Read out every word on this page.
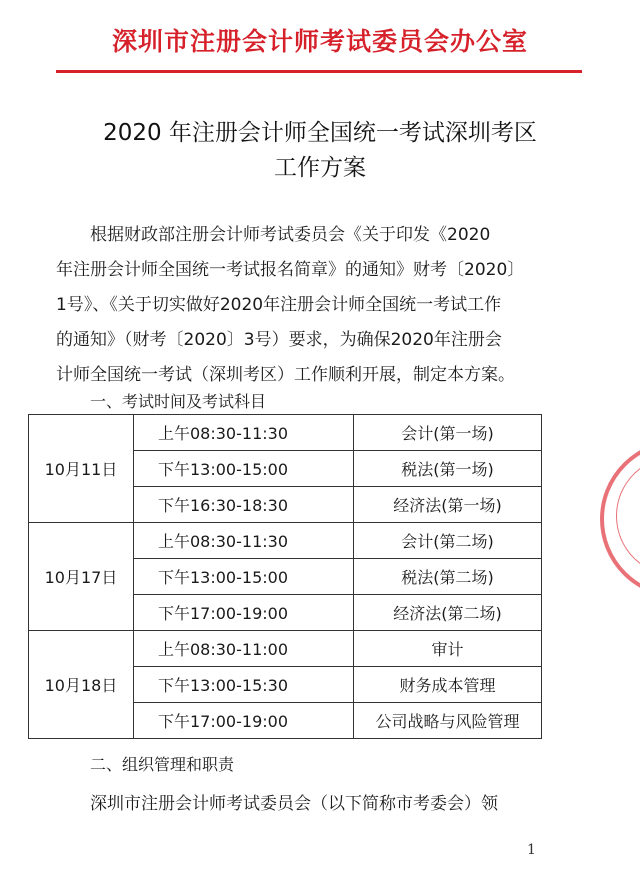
深圳市注册会计师考试委员会办公室
2020 年注册会计师全国统一考试深圳考区
工作方案
根据财政部注册会计师考试委员会《关于印发《2020
年注册会计师全国统一考试报名简章》的通知》财考〔2020〕
1号》、《关于切实做好2020年注册会计师全国统一考试工作
的通知》（财考〔2020〕3号）要求，为确保2020年注册会
计师全国统一考试（深圳考区）工作顺利开展，制定本方案。
一、考试时间及考试科目
10月11日	上午08:30-11:30	会计(第一场)
	下午13:00-15:00	税法(第一场)
	下午16:30-18:30	经济法(第一场)
10月17日	上午08:30-11:30	会计(第二场)
	下午13:00-15:00	税法(第二场)
	下午17:00-19:00	经济法(第二场)
10月18日	上午08:30-11:00	审计
	下午13:00-15:30	财务成本管理
	下午17:00-19:00	公司战略与风险管理
二、组织管理和职责
深圳市注册会计师考试委员会（以下简称市考委会）领
1
